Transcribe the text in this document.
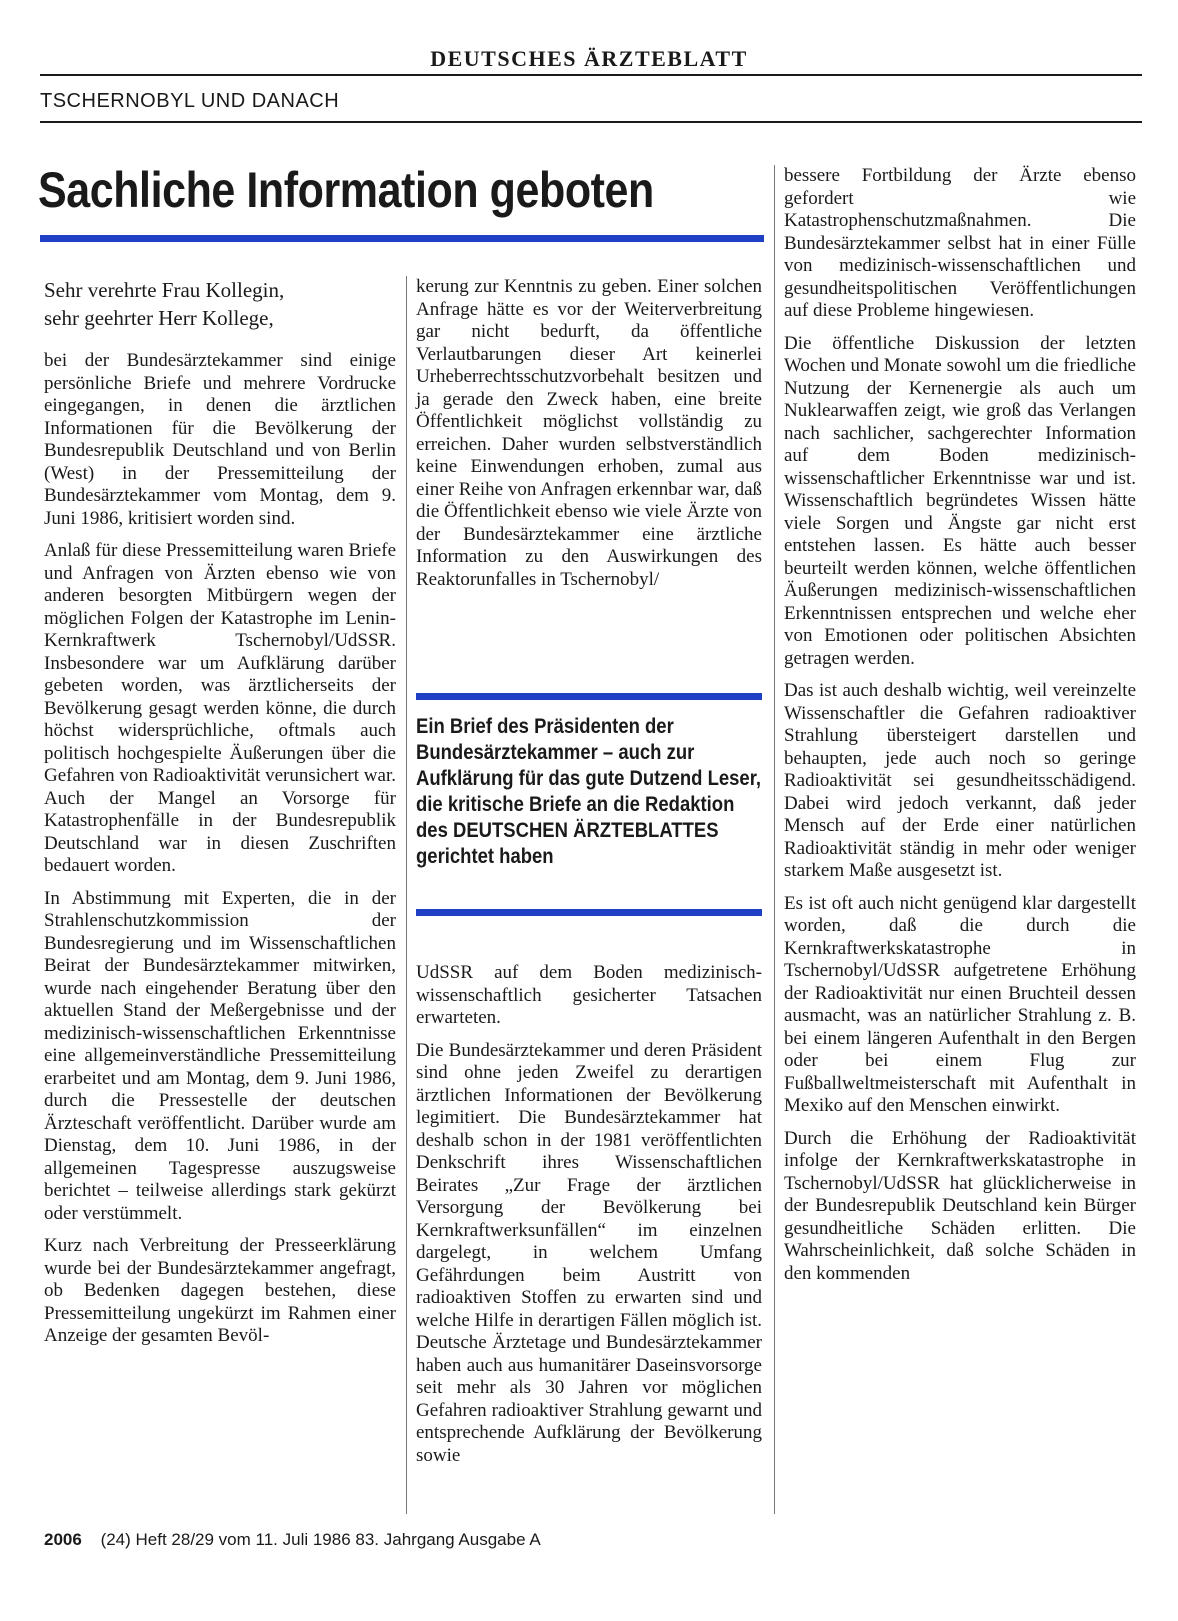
DEUTSCHES ÄRZTEBLATT
TSCHERNOBYL UND DANACH
Sachliche Information geboten
Sehr verehrte Frau Kollegin,
sehr geehrter Herr Kollege,

bei der Bundesärztekammer sind einige persönliche Briefe und mehrere Vordrucke eingegangen, in denen die ärztlichen Informationen für die Bevölkerung der Bundesrepublik Deutschland und von Berlin (West) in der Pressemitteilung der Bundesärztekammer vom Montag, dem 9. Juni 1986, kritisiert worden sind.

Anlaß für diese Pressemitteilung waren Briefe und Anfragen von Ärzten ebenso wie von anderen besorgten Mitbürgern wegen der möglichen Folgen der Katastrophe im Lenin-Kernkraftwerk Tschernobyl/UdSSR. Insbesondere war um Aufklärung darüber gebeten worden, was ärztlicherseits der Bevölkerung gesagt werden könne, die durch höchst widersprüchliche, oftmals auch politisch hochgespielte Äußerungen über die Gefahren von Radioaktivität verunsichert war. Auch der Mangel an Vorsorge für Katastrophenfälle in der Bundesrepublik Deutschland war in diesen Zuschriften bedauert worden.

In Abstimmung mit Experten, die in der Strahlenschutzkommission der Bundesregierung und im Wissenschaftlichen Beirat der Bundesärztekammer mitwirken, wurde nach eingehender Beratung über den aktuellen Stand der Meßergebnisse und der medizinisch-wissenschaftlichen Erkenntnisse eine allgemeinverständliche Pressemitteilung erarbeitet und am Montag, dem 9. Juni 1986, durch die Pressestelle der deutschen Ärzteschaft veröffentlicht. Darüber wurde am Dienstag, dem 10. Juni 1986, in der allgemeinen Tagespresse auszugsweise berichtet – teilweise allerdings stark gekürzt oder verstümmelt.

Kurz nach Verbreitung der Presseerklärung wurde bei der Bundesärztekammer angefragt, ob Bedenken dagegen bestehen, diese Pressemitteilung ungekürzt im Rahmen einer Anzeige der gesamten Bevöl-

kerung zur Kenntnis zu geben. Einer solchen Anfrage hätte es vor der Weiterverbreitung gar nicht bedurft, da öffentliche Verlautbarungen dieser Art keinerlei Urheberrechtsschutzvorbehalt besitzen und ja gerade den Zweck haben, eine breite Öffentlichkeit möglichst vollständig zu erreichen. Daher wurden selbstverständlich keine Einwendungen erhoben, zumal aus einer Reihe von Anfragen erkennbar war, daß die Öffentlichkeit ebenso wie viele Ärzte von der Bundesärztekammer eine ärztliche Information zu den Auswirkungen des Reaktorunfalles in Tschernobyl/

Ein Brief des Präsidenten der Bundesärztekammer – auch zur Aufklärung für das gute Dutzend Leser, die kritische Briefe an die Redaktion des DEUTSCHEN ÄRZTEBLATTES gerichtet haben

UdSSR auf dem Boden medizinisch-wissenschaftlich gesicherter Tatsachen erwarteten.

Die Bundesärztekammer und deren Präsident sind ohne jeden Zweifel zu derartigen ärztlichen Informationen der Bevölkerung legimitiert. Die Bundesärztekammer hat deshalb schon in der 1981 veröffentlichten Denkschrift ihres Wissenschaftlichen Beirates „Zur Frage der ärztlichen Versorgung der Bevölkerung bei Kernkraftwerksunfällen“ im einzelnen dargelegt, in welchem Umfang Gefährdungen beim Austritt von radioaktiven Stoffen zu erwarten sind und welche Hilfe in derartigen Fällen möglich ist. Deutsche Ärztetage und Bundesärztekammer haben auch aus humanitärer Daseinsvorsorge seit mehr als 30 Jahren vor möglichen Gefahren radioaktiver Strahlung gewarnt und entsprechende Aufklärung der Bevölkerung sowie

bessere Fortbildung der Ärzte ebenso gefordert wie Katastrophenschutzmaßnahmen. Die Bundesärztekammer selbst hat in einer Fülle von medizinisch-wissenschaftlichen und gesundheitspolitischen Veröffentlichungen auf diese Probleme hingewiesen.

Die öffentliche Diskussion der letzten Wochen und Monate sowohl um die friedliche Nutzung der Kernenergie als auch um Nuklearwaffen zeigt, wie groß das Verlangen nach sachlicher, sachgerechter Information auf dem Boden medizinisch-wissenschaftlicher Erkenntnisse war und ist. Wissenschaftlich begründetes Wissen hätte viele Sorgen und Ängste gar nicht erst entstehen lassen. Es hätte auch besser beurteilt werden können, welche öffentlichen Äußerungen medizinisch-wissenschaftlichen Erkenntnissen entsprechen und welche eher von Emotionen oder politischen Absichten getragen werden.

Das ist auch deshalb wichtig, weil vereinzelte Wissenschaftler die Gefahren radioaktiver Strahlung übersteigert darstellen und behaupten, jede auch noch so geringe Radioaktivität sei gesundheitsschädigend. Dabei wird jedoch verkannt, daß jeder Mensch auf der Erde einer natürlichen Radioaktivität ständig in mehr oder weniger starkem Maße ausgesetzt ist.

Es ist oft auch nicht genügend klar dargestellt worden, daß die durch die Kernkraftwerkskatastrophe in Tschernobyl/UdSSR aufgetretene Erhöhung der Radioaktivität nur einen Bruchteil dessen ausmacht, was an natürlicher Strahlung z. B. bei einem längeren Aufenthalt in den Bergen oder bei einem Flug zur Fußballweltmeisterschaft mit Aufenthalt in Mexiko auf den Menschen einwirkt.

Durch die Erhöhung der Radioaktivität infolge der Kernkraftwerkskatastrophe in Tschernobyl/UdSSR hat glücklicherweise in der Bundesrepublik Deutschland kein Bürger gesundheitliche Schäden erlitten. Die Wahrscheinlichkeit, daß solche Schäden in den kommenden

2006 (24) Heft 28/29 vom 11. Juli 1986 83. Jahrgang Ausgabe A
